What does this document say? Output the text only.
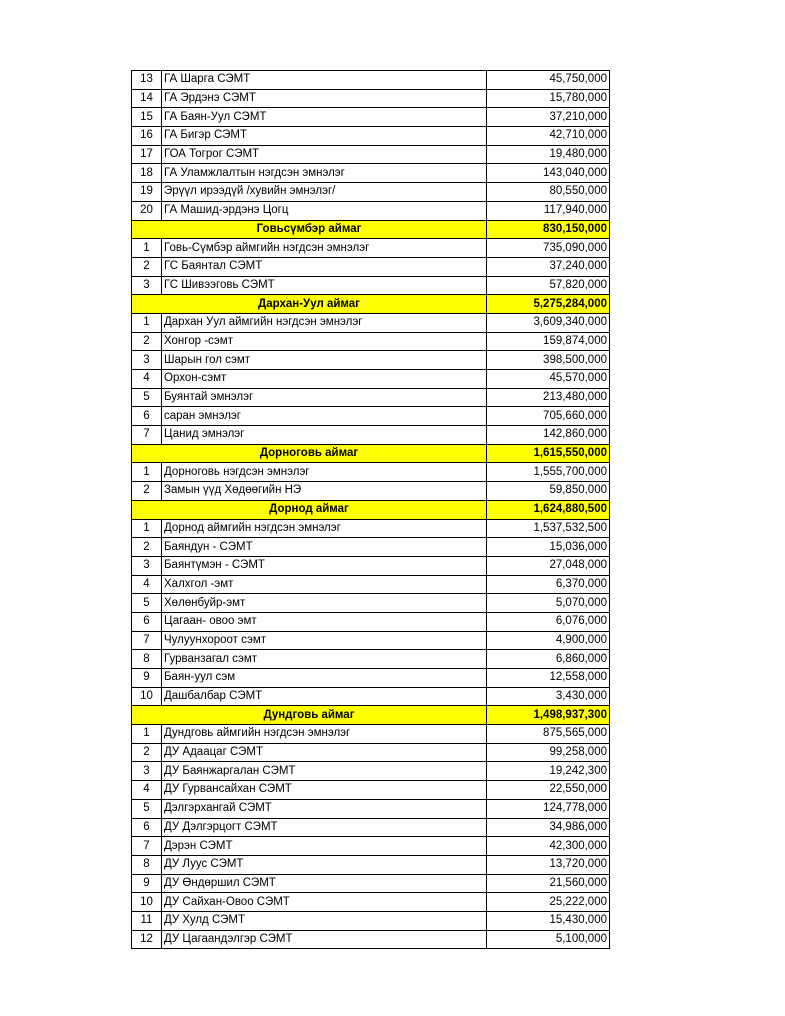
13	ГА Шарга СЭМТ	45,750,000
14	ГА Эрдэнэ СЭМТ	15,780,000
15	ГА Баян-Уул СЭМТ	37,210,000
16	ГА Бигэр СЭМТ	42,710,000
17	ГОА Тогрог СЭМТ	19,480,000
18	ГА Уламжлалтын нэгдсэн эмнэлэг	143,040,000
19	Эрүүл ирээдүй /хувийн эмнэлэг/	80,550,000
20	ГА Машид-эрдэнэ Цогц	117,940,000
Говьсүмбэр аймаг		830,150,000
1	Говь-Сүмбэр аймгийн нэгдсэн эмнэлэг	735,090,000
2	ГС Баянтал СЭМТ	37,240,000
3	ГС Шивээговь СЭМТ	57,820,000
Дархан-Уул аймаг		5,275,284,000
1	Дархан Уул аймгийн нэгдсэн эмнэлэг	3,609,340,000
2	Хонгор -сэмт	159,874,000
3	Шарын гол сэмт	398,500,000
4	Орхон-сэмт	45,570,000
5	Буянтай эмнэлэг	213,480,000
6	саран эмнэлэг	705,660,000
7	Цанид эмнэлэг	142,860,000
Дорноговь аймаг		1,615,550,000
1	Дорноговь нэгдсэн эмнэлэг	1,555,700,000
2	Замын үүд Хөдөөгийн НЭ	59,850,000
Дорнод аймаг		1,624,880,500
1	Дорнод аймгийн нэгдсэн эмнэлэг	1,537,532,500
2	Баяндун - СЭМТ	15,036,000
3	Баянтүмэн - СЭМТ	27,048,000
4	Халхгол -эмт	6,370,000
5	Хөлөнбуйр-эмт	5,070,000
6	Цагаан- овоо эмт	6,076,000
7	Чулуунхороот сэмт	4,900,000
8	Гурванзагал сэмт	6,860,000
9	Баян-уул сэм	12,558,000
10	Дашбалбар СЭМТ	3,430,000
Дундговь аймаг		1,498,937,300
1	Дундговь аймгийн нэгдсэн эмнэлэг	875,565,000
2	ДУ Адаацаг СЭМТ	99,258,000
3	ДУ Баянжаргалан СЭМТ	19,242,300
4	ДУ Гурвансайхан СЭМТ	22,550,000
5	Дэлгэрхангай СЭМТ	124,778,000
6	ДУ Дэлгэрцогт СЭМТ	34,986,000
7	Дэрэн СЭМТ	42,300,000
8	ДУ Луус СЭМТ	13,720,000
9	ДУ Өндөршил СЭМТ	21,560,000
10	ДУ Сайхан-Овоо СЭМТ	25,222,000
11	ДУ Хулд СЭМТ	15,430,000
12	ДУ Цагаандэлгэр СЭМТ	5,100,000
